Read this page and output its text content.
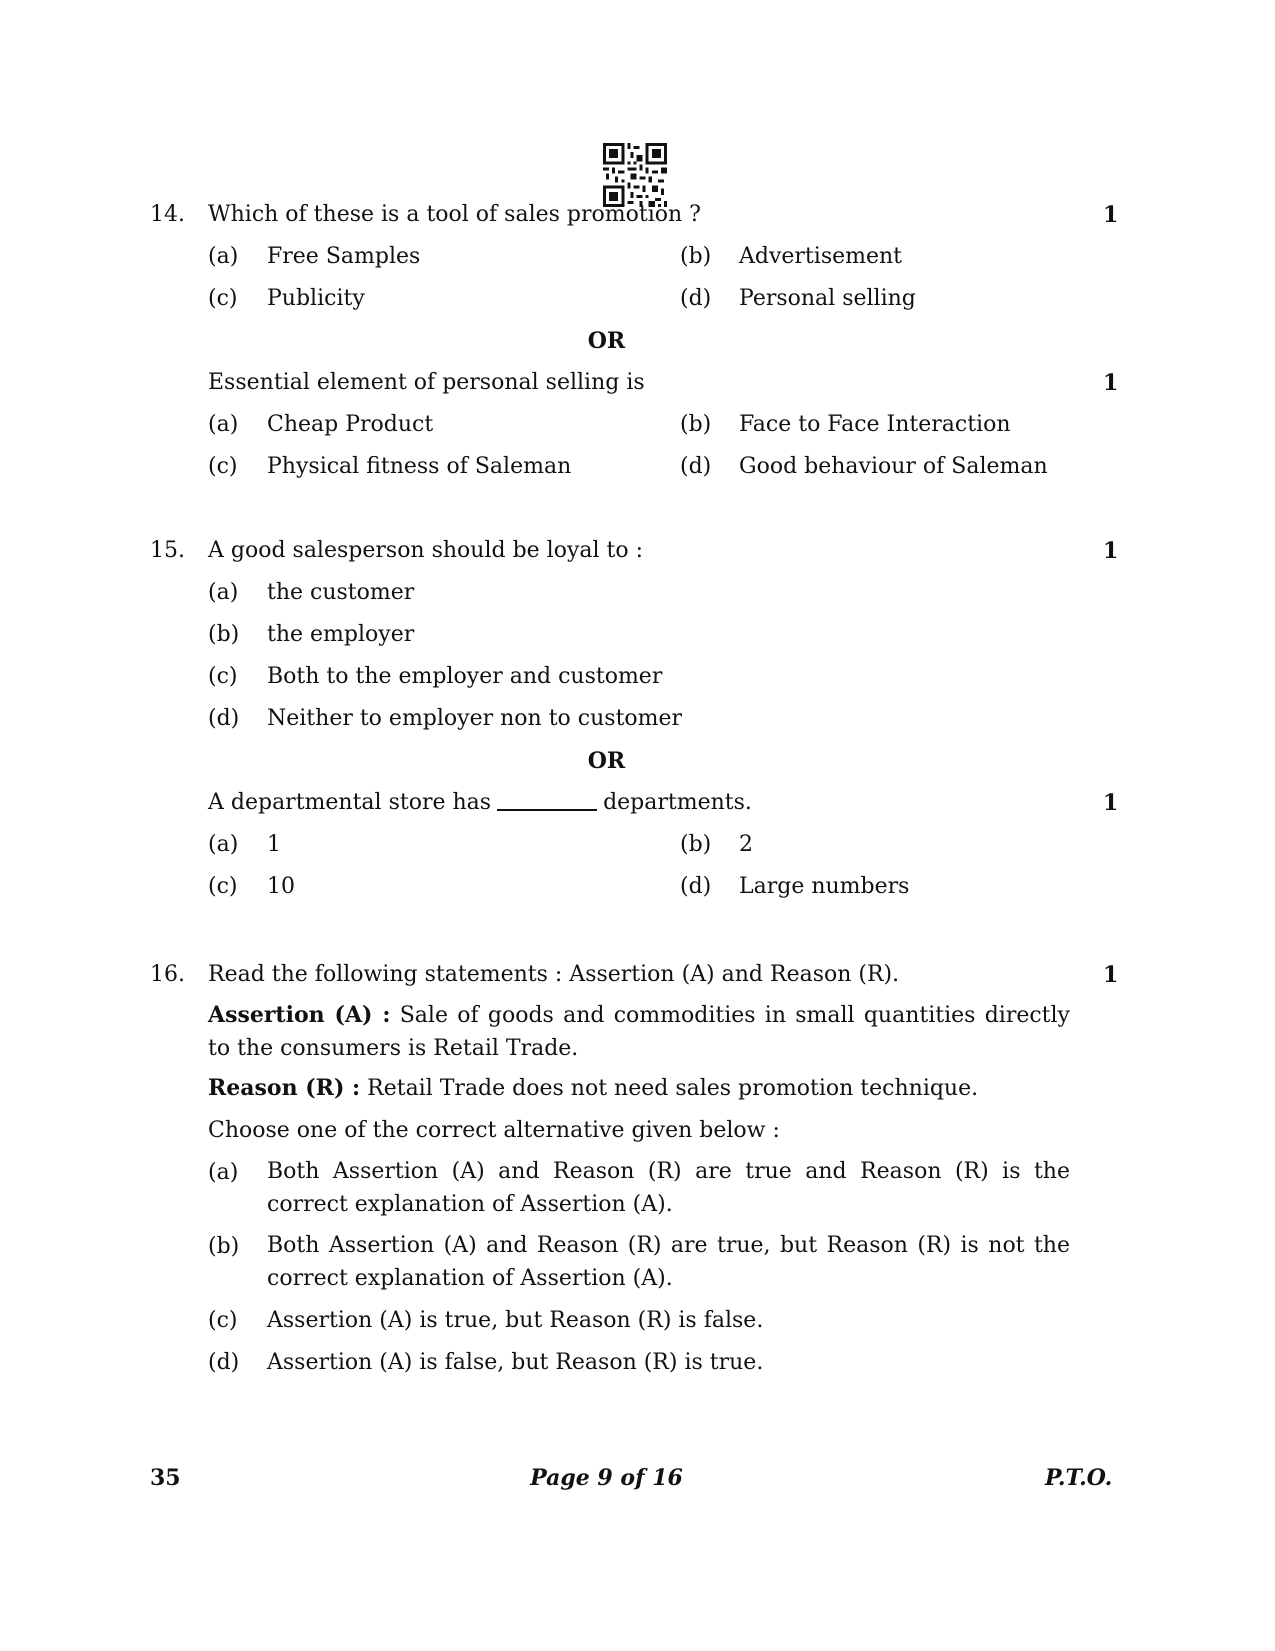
14. Which of these is a tool of sales promotion ?	1
(a) Free Samples	(b) Advertisement
(c) Publicity	(d) Personal selling
OR
Essential element of personal selling is	1
(a) Cheap Product	(b) Face to Face Interaction
(c) Physical fitness of Saleman	(d) Good behaviour of Saleman
15. A good salesperson should be loyal to :	1
(a) the customer
(b) the employer
(c) Both to the employer and customer
(d) Neither to employer non to customer
OR
A departmental store has	departments.	1
(a) 1	(b) 2
(c) 10	(d) Large numbers
16. Read the following statements : Assertion (A) and Reason (R).	1
Assertion (A) : Sale of goods and commodities in small quantities directly to the consumers is Retail Trade.
Reason (R) : Retail Trade does not need sales promotion technique.
Choose one of the correct alternative given below :
(a) Both Assertion (A) and Reason (R) are true and Reason (R) is the correct explanation of Assertion (A).
(b) Both Assertion (A) and Reason (R) are true, but Reason (R) is not the correct explanation of Assertion (A).
(c) Assertion (A) is true, but Reason (R) is false.
(d) Assertion (A) is false, but Reason (R) is true.
35	Page 9 of 16	P.T.O.
